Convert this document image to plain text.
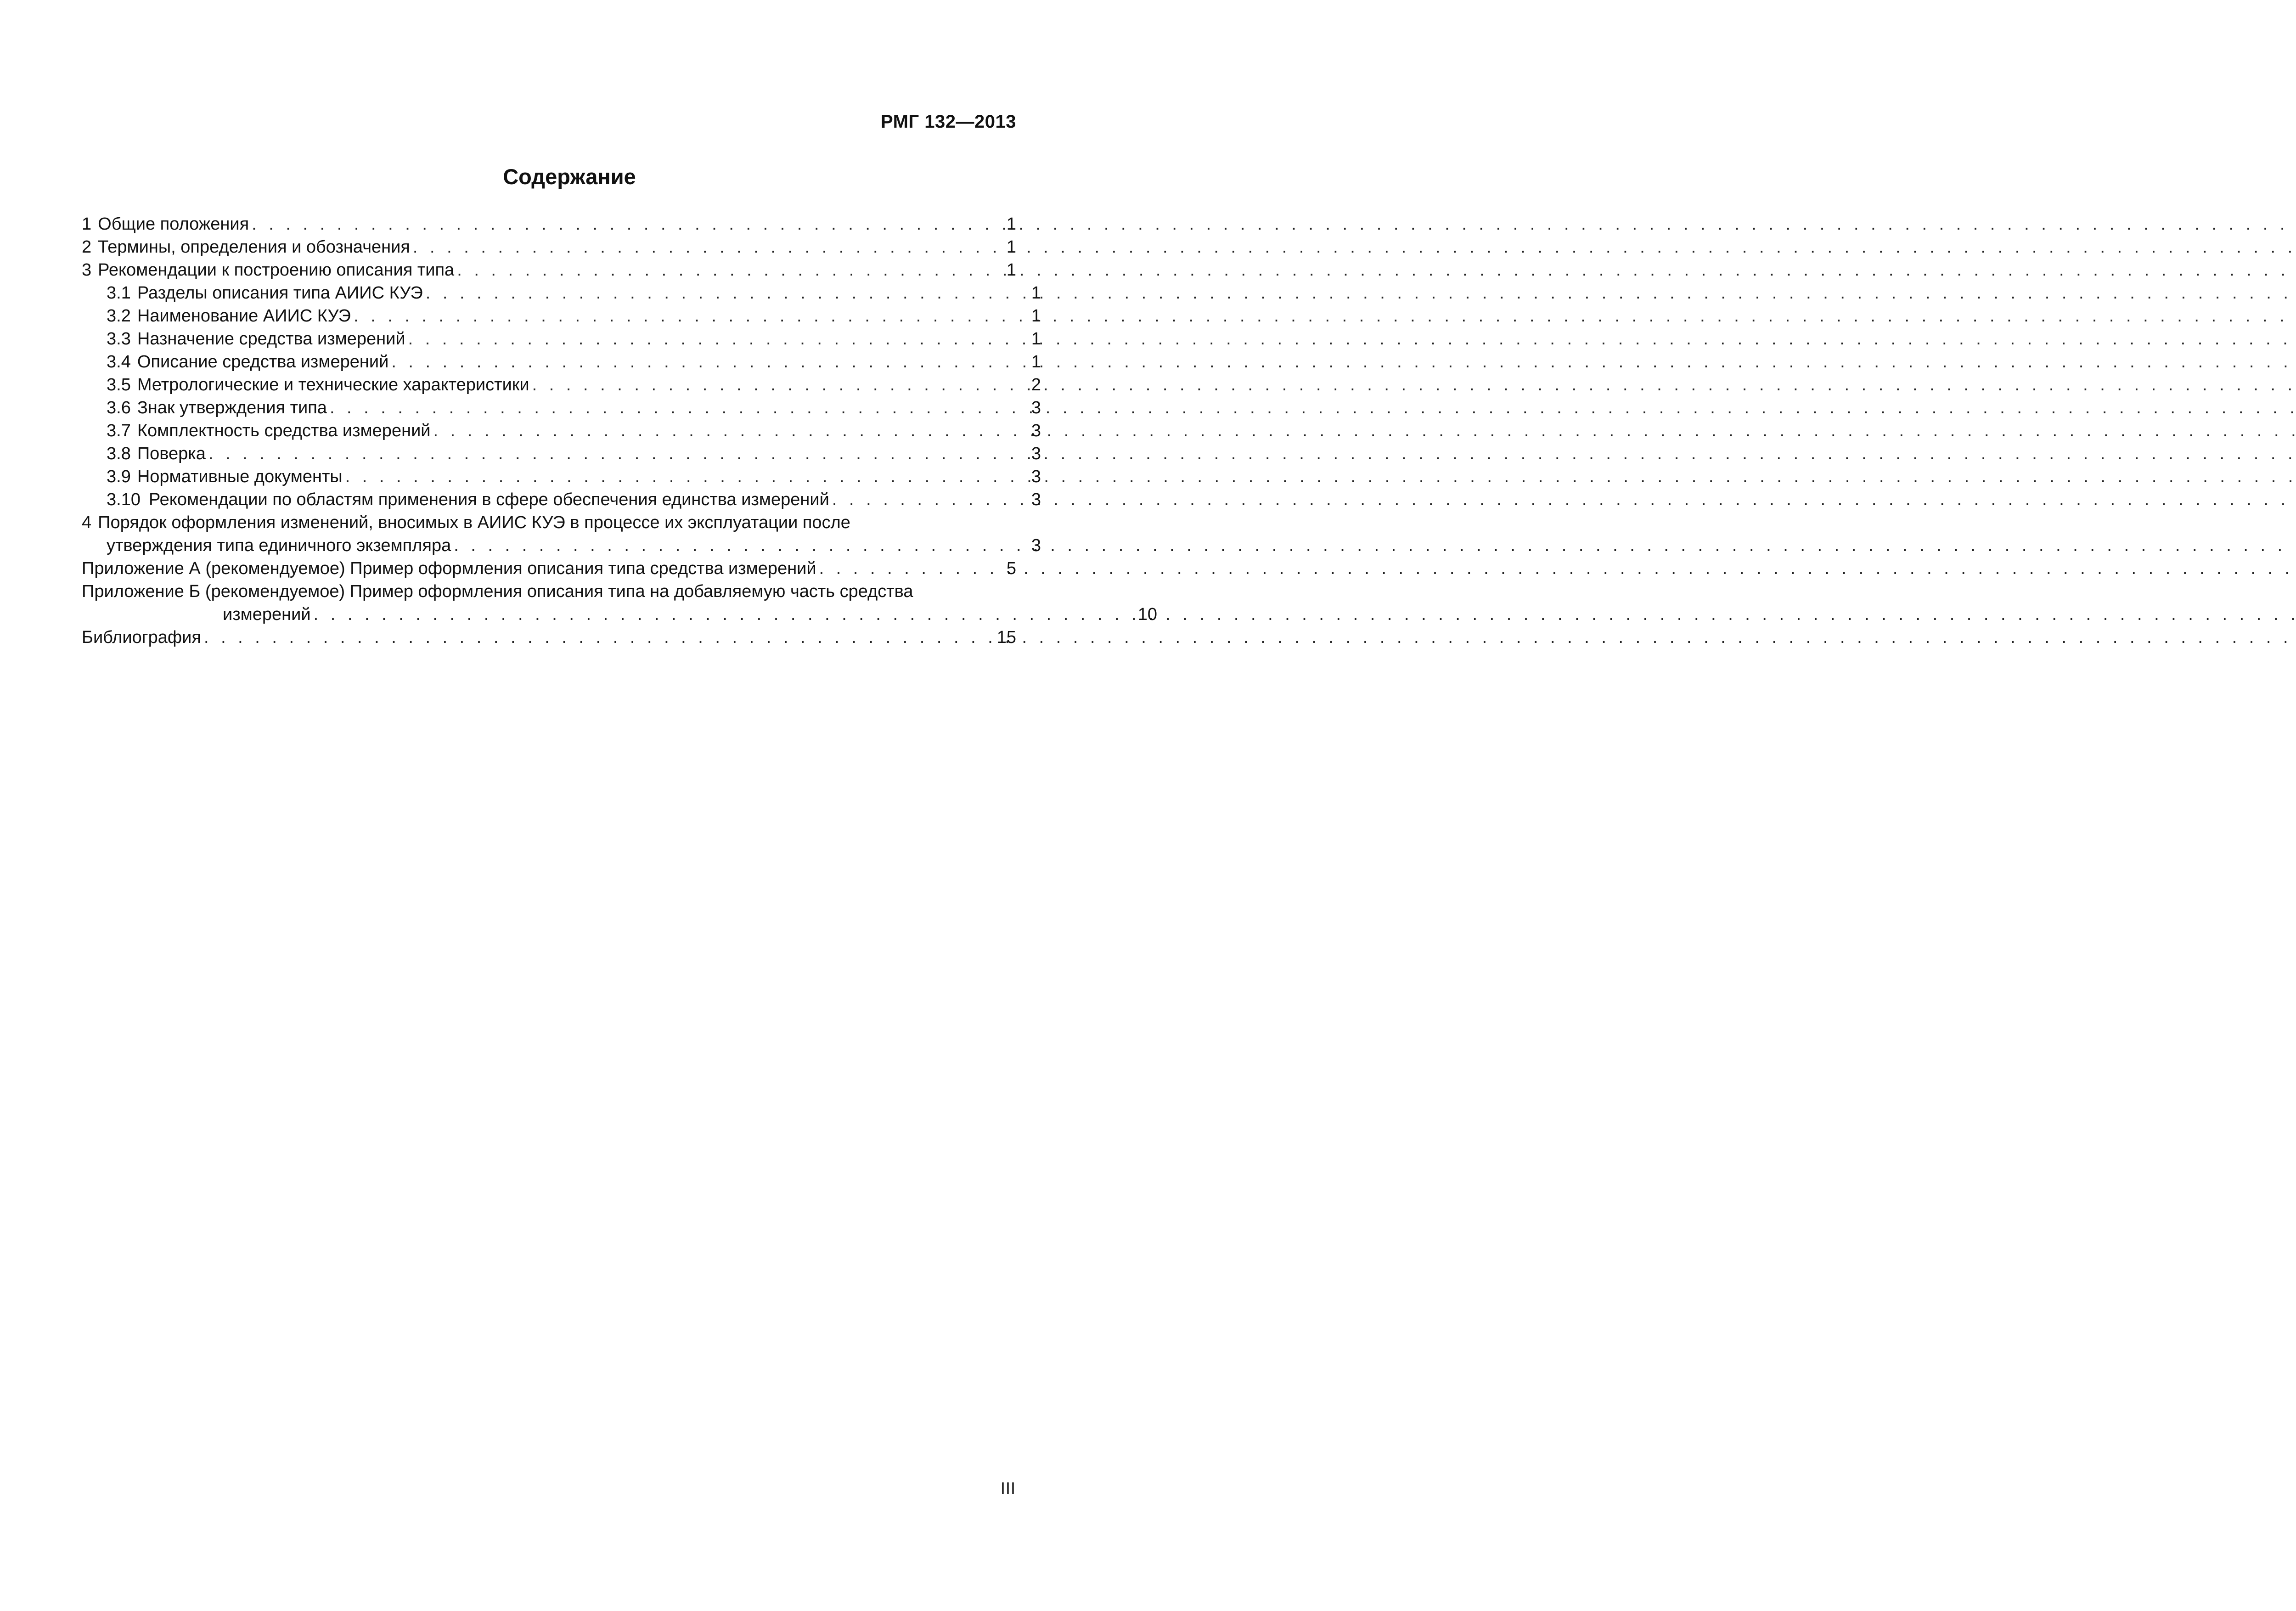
РМГ 132—2013
Содержание
1 Общие положения . . .	1
2 Термины, определения и обозначения . . .	1
3 Рекомендации к построению описания типа . . .	1
3.1 Разделы описания типа АИИС КУЭ . . .	1
3.2 Наименование АИИС КУЭ . . .	1
3.3 Назначение средства измерений . . .	1
3.4 Описание средства измерений . . .	1
3.5 Метрологические и технические характеристики . . .	2
3.6 Знак утверждения типа . . .	3
3.7 Комплектность средства измерений . . .	3
3.8 Поверка . . .	3
3.9 Нормативные документы . . .	3
3.10 Рекомендации по областям применения в сфере обеспечения единства измерений . . .	3
4 Порядок оформления изменений, вносимых в АИИС КУЭ в процессе их эксплуатации после
утверждения типа единичного экземпляра . . .	3
Приложение А (рекомендуемое) Пример оформления описания типа средства измерений . . .	5
Приложение Б (рекомендуемое) Пример оформления описания типа на добавляемую часть средства
измерений . . .	10
Библиография . . .	15
III
